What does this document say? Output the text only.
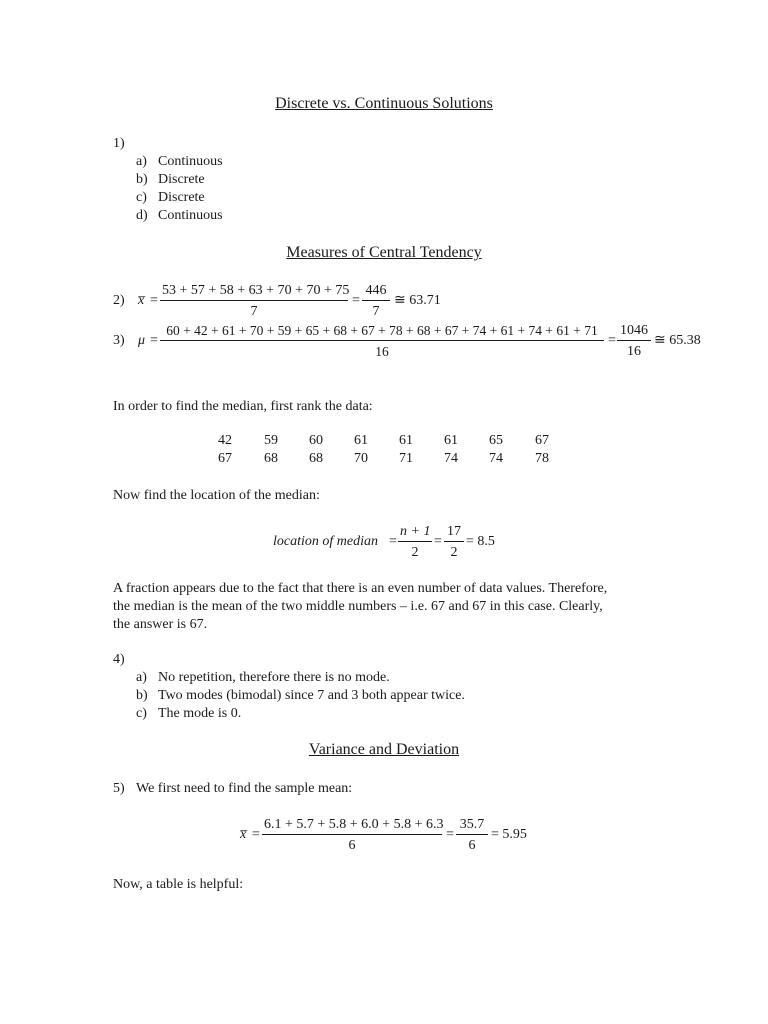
Discrete vs. Continuous Solutions
1)
a) Continuous
b) Discrete
c) Discrete
d) Continuous
Measures of Central Tendency
2) x̅ = $\frac{53 + 57 + 58 + 63 + 70 + 70 + 75}{7} = \frac{446}{7}$ ≅ 63.71
3) μ =
60 + 42 + 61 + 70 + 59 + 65 + 68 + 67 + 78 + 68 + 67 + 74 + 61 + 74 + 61 + 71
16
= $\frac{1046}{16}$ ≅ 65.38
In order to find the median, first rank the data:
42	59	60	61	61	61	65	67
67	68	68	70	71	74	74	78
Now find the location of the median:
location of median = $\frac{n + 1}{2} = \frac{17}{2} = 8.5$
A fraction appears due to the fact that there is an even number of data values. Therefore,
the median is the mean of the two middle numbers – i.e. 67 and 67 in this case. Clearly,
the answer is 67.
4)
a) No repetition, therefore there is no mode.
b) Two modes (bimodal) since 7 and 3 both appear twice.
c) The mode is 0.
Variance and Deviation
5) We first need to find the sample mean:
x̅ = $\frac{6.1 + 5.7 + 5.8 + 6.0 + 5.8 + 6.3}{6} = \frac{35.7}{6} = 5.95$
Now, a table is helpful:
